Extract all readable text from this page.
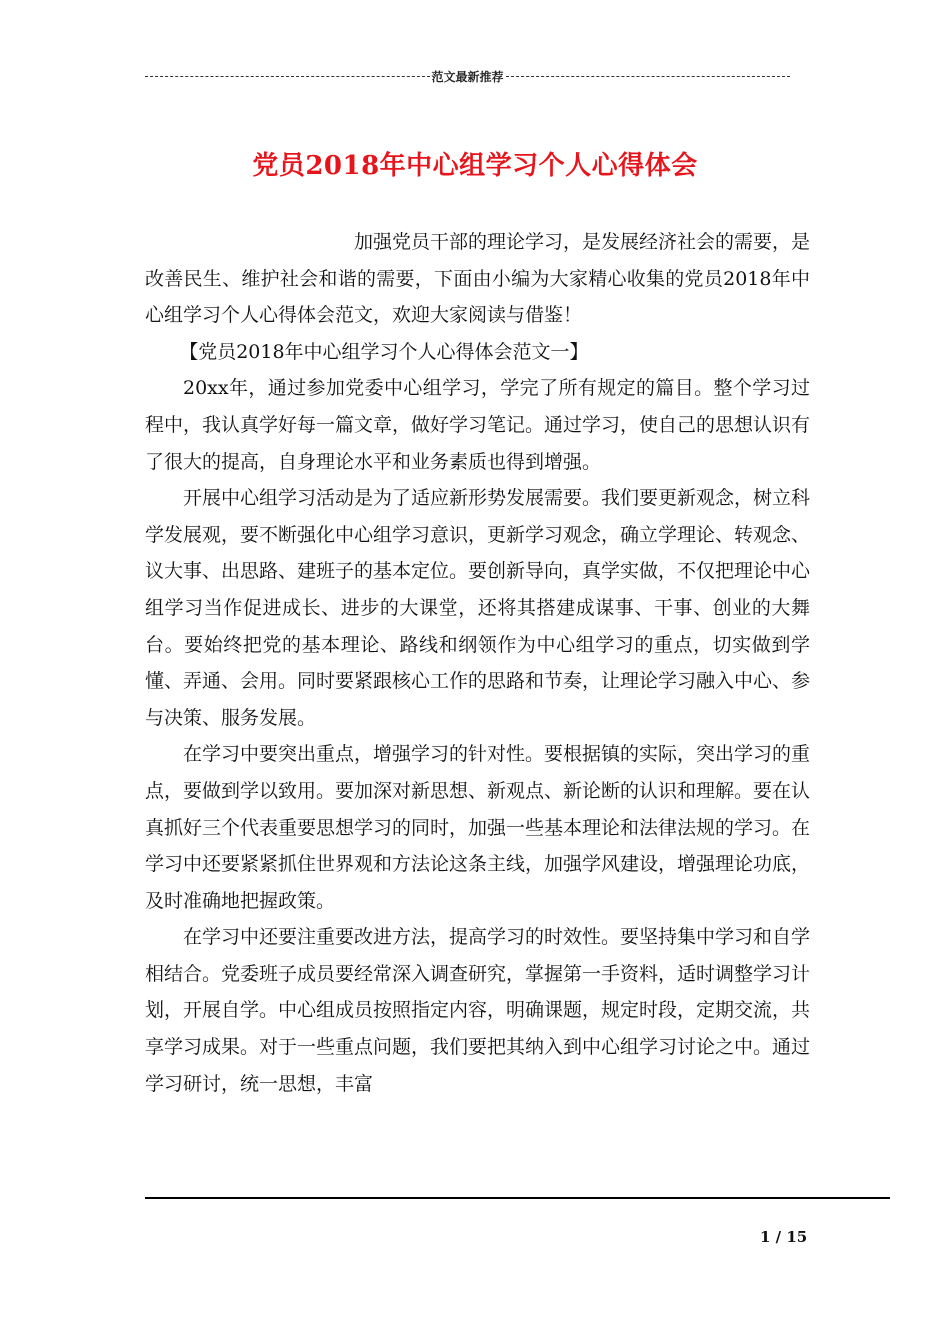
范文最新推荐
党员2018年中心组学习个人心得体会

加强党员干部的理论学习，是发展经济社会的需要，是改善民生、维护社会和谐的需要，下面由小编为大家精心收集的党员2018年中心组学习个人心得体会范文，欢迎大家阅读与借鉴！

【党员2018年中心组学习个人心得体会范文一】

20xx年，通过参加党委中心组学习，学完了所有规定的篇目。整个学习过程中，我认真学好每一篇文章，做好学习笔记。通过学习，使自己的思想认识有了很大的提高，自身理论水平和业务素质也得到增强。

开展中心组学习活动是为了适应新形势发展需要。我们要更新观念，树立科学发展观，要不断强化中心组学习意识，更新学习观念，确立学理论、转观念、议大事、出思路、建班子的基本定位。要创新导向，真学实做，不仅把理论中心组学习当作促进成长、进步的大课堂，还将其搭建成谋事、干事、创业的大舞台。要始终把党的基本理论、路线和纲领作为中心组学习的重点，切实做到学懂、弄通、会用。同时要紧跟核心工作的思路和节奏，让理论学习融入中心、参与决策、服务发展。

在学习中要突出重点，增强学习的针对性。要根据镇的实际，突出学习的重点，要做到学以致用。要加深对新思想、新观点、新论断的认识和理解。要在认真抓好三个代表重要思想学习的同时，加强一些基本理论和法律法规的学习。在学习中还要紧紧抓住世界观和方法论这条主线，加强学风建设，增强理论功底，及时准确地把握政策。

在学习中还要注重要改进方法，提高学习的时效性。要坚持集中学习和自学相结合。党委班子成员要经常深入调查研究，掌握第一手资料，适时调整学习计划，开展自学。中心组成员按照指定内容，明确课题，规定时段，定期交流，共享学习成果。对于一些重点问题，我们要把其纳入到中心组学习讨论之中。通过学习研讨，统一思想，丰富

1 / 15
